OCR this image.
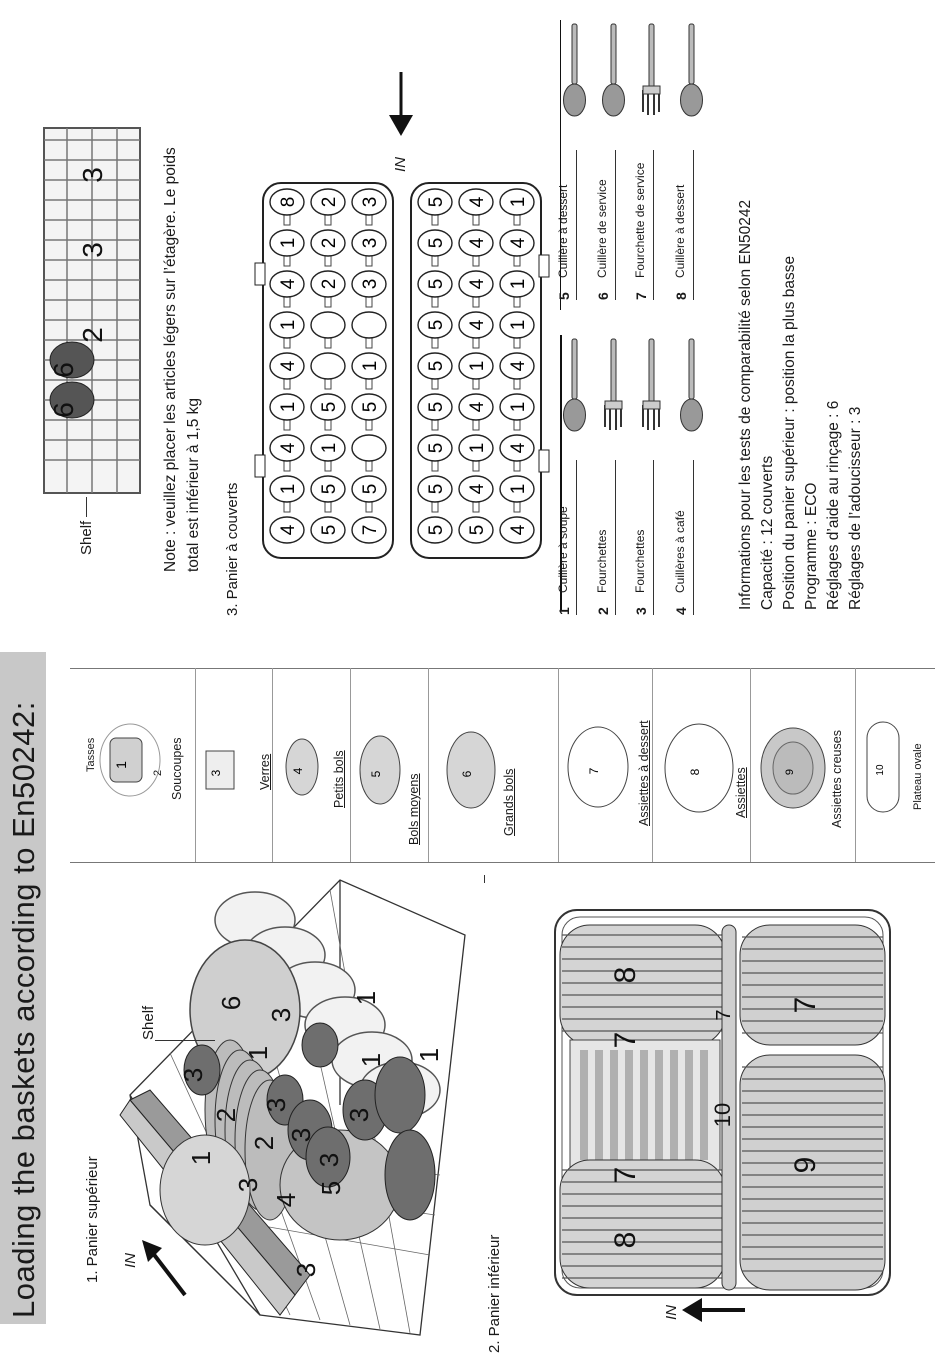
Loading the baskets according to En50242:	1. Panier supérieur
2. Panier inférieur
3
4
3 5
3
2
3
2
3
3
1
3
1
6
3
1
1
1
Shelf
IN
8
7
7
8
7
9
10
7
IN
1
Tasses
2 Soucoupes 3	Verres 4 Petits bols 5 Bols moyens	6 Grands bols	7	Assiettes à dessert	8	Assiettes	9	Assiettes creuses	10 Plateau ovale
6
6
2
3
3
Shelf	Note : veuillez placer les articles légers sur l’étagère. Le poids total est inférieur à 1,5 kg 3. Panier à couverts 4
1
4
1
4
1
4
1
8
5
5
1
5
2
2
2
7
5
5
1
3
3
3
5
5
5
5
5
5
5
5
5
5
4
1
4
1
4
4
4
4
4
1
4
1
4
1
1
4
1
IN
1
Cuillère à soupe
2
Fourchettes
3
Fourchettes
4
Cuillères à café
5
Cuillère à dessert
6
Cuillère de service
7
Fourchette de service
8
Cuillère à dessert	Informations pour les tests de comparabilité selon EN50242 Capacité : 12 couverts Position du panier supérieur : position la plus basse Programme : ECO Réglages d’aide au rinçage : 6 Réglages de l’adoucisseur : 3
